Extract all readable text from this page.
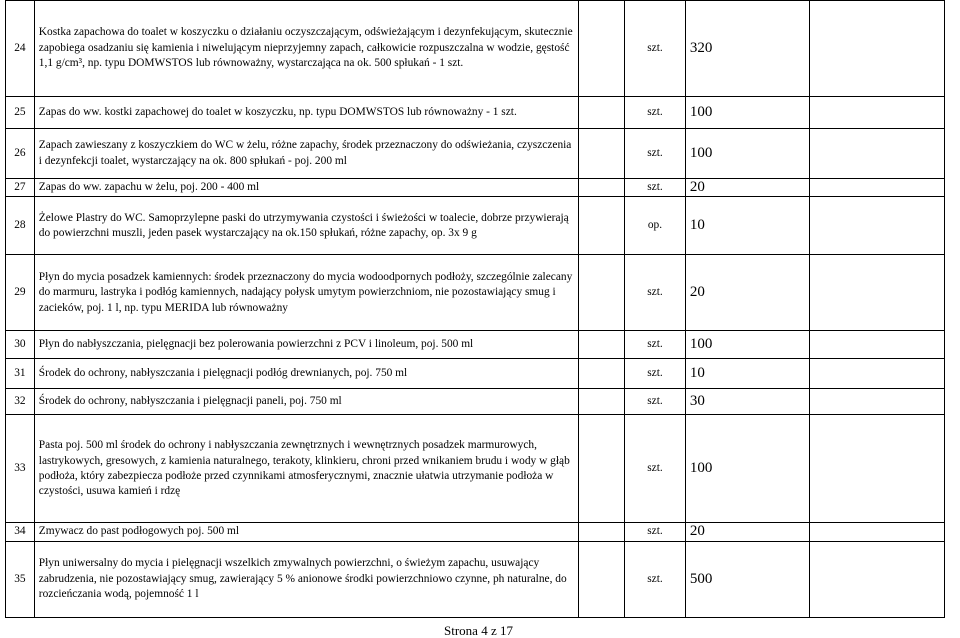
24	Kostka zapachowa do toalet w koszyczku o działaniu oczyszczającym, odświeżającym i dezynfekującym, skutecznie zapobiega osadzaniu się kamienia i niwelującym nieprzyjemny zapach, całkowicie rozpuszczalna w wodzie, gęstość 1,1 g/cm³, np. typu DOMWSTOS lub równoważny, wystarczająca na ok. 500 spłukań - 1 szt.		szt.	320	
25	Zapas do ww. kostki zapachowej do toalet w koszyczku, np. typu DOMWSTOS lub równoważny - 1 szt.		szt.	100	
26	Zapach zawieszany z koszyczkiem do WC w żelu, różne zapachy, środek przeznaczony do odświeżania, czyszczenia i dezynfekcji toalet, wystarczający na ok. 800 spłukań - poj. 200 ml		szt.	100	
27	Zapas do ww. zapachu w żelu, poj. 200 - 400 ml		szt.	20	
28	Żelowe Plastry do WC. Samoprzylepne paski do utrzymywania czystości i świeżości w toalecie, dobrze przywierają do powierzchni muszli, jeden pasek wystarczający na ok.150 spłukań, różne zapachy, op. 3x 9 g		op.	10	
29	Płyn do mycia posadzek kamiennych: środek przeznaczony do mycia wodoodpornych podłoży, szczególnie zalecany do marmuru, lastryka i podłóg kamiennych, nadający połysk umytym powierzchniom, nie pozostawiający smug i zacieków, poj. 1 l, np. typu MERIDA lub równoważny		szt.	20	
30	Płyn do nabłyszczania, pielęgnacji bez polerowania powierzchni z PCV i linoleum, poj. 500 ml		szt.	100	
31	Środek do ochrony, nabłyszczania i pielęgnacji podłóg drewnianych, poj. 750 ml		szt.	10	
32	Środek do ochrony, nabłyszczania i pielęgnacji paneli, poj. 750 ml		szt.	30	
33	Pasta poj. 500 ml środek do ochrony i nabłyszczania zewnętrznych i wewnętrznych posadzek marmurowych, lastrykowych, gresowych, z kamienia naturalnego, terakoty, klinkieru, chroni przed wnikaniem brudu i wody w głąb podłoża, który zabezpiecza podłoże przed czynnikami atmosferycznymi, znacznie ułatwia utrzymanie podłoża w czystości, usuwa kamień i rdzę		szt.	100	
34	Zmywacz do past podłogowych poj. 500 ml		szt.	20	
35	Płyn uniwersalny do mycia i pielęgnacji wszelkich zmywalnych powierzchni, o świeżym zapachu, usuwający zabrudzenia, nie pozostawiający smug, zawierający 5 % anionowe środki powierzchniowo czynne, ph naturalne, do rozcieńczania wodą, pojemność 1 l		szt.	500	
Strona 4 z 17
